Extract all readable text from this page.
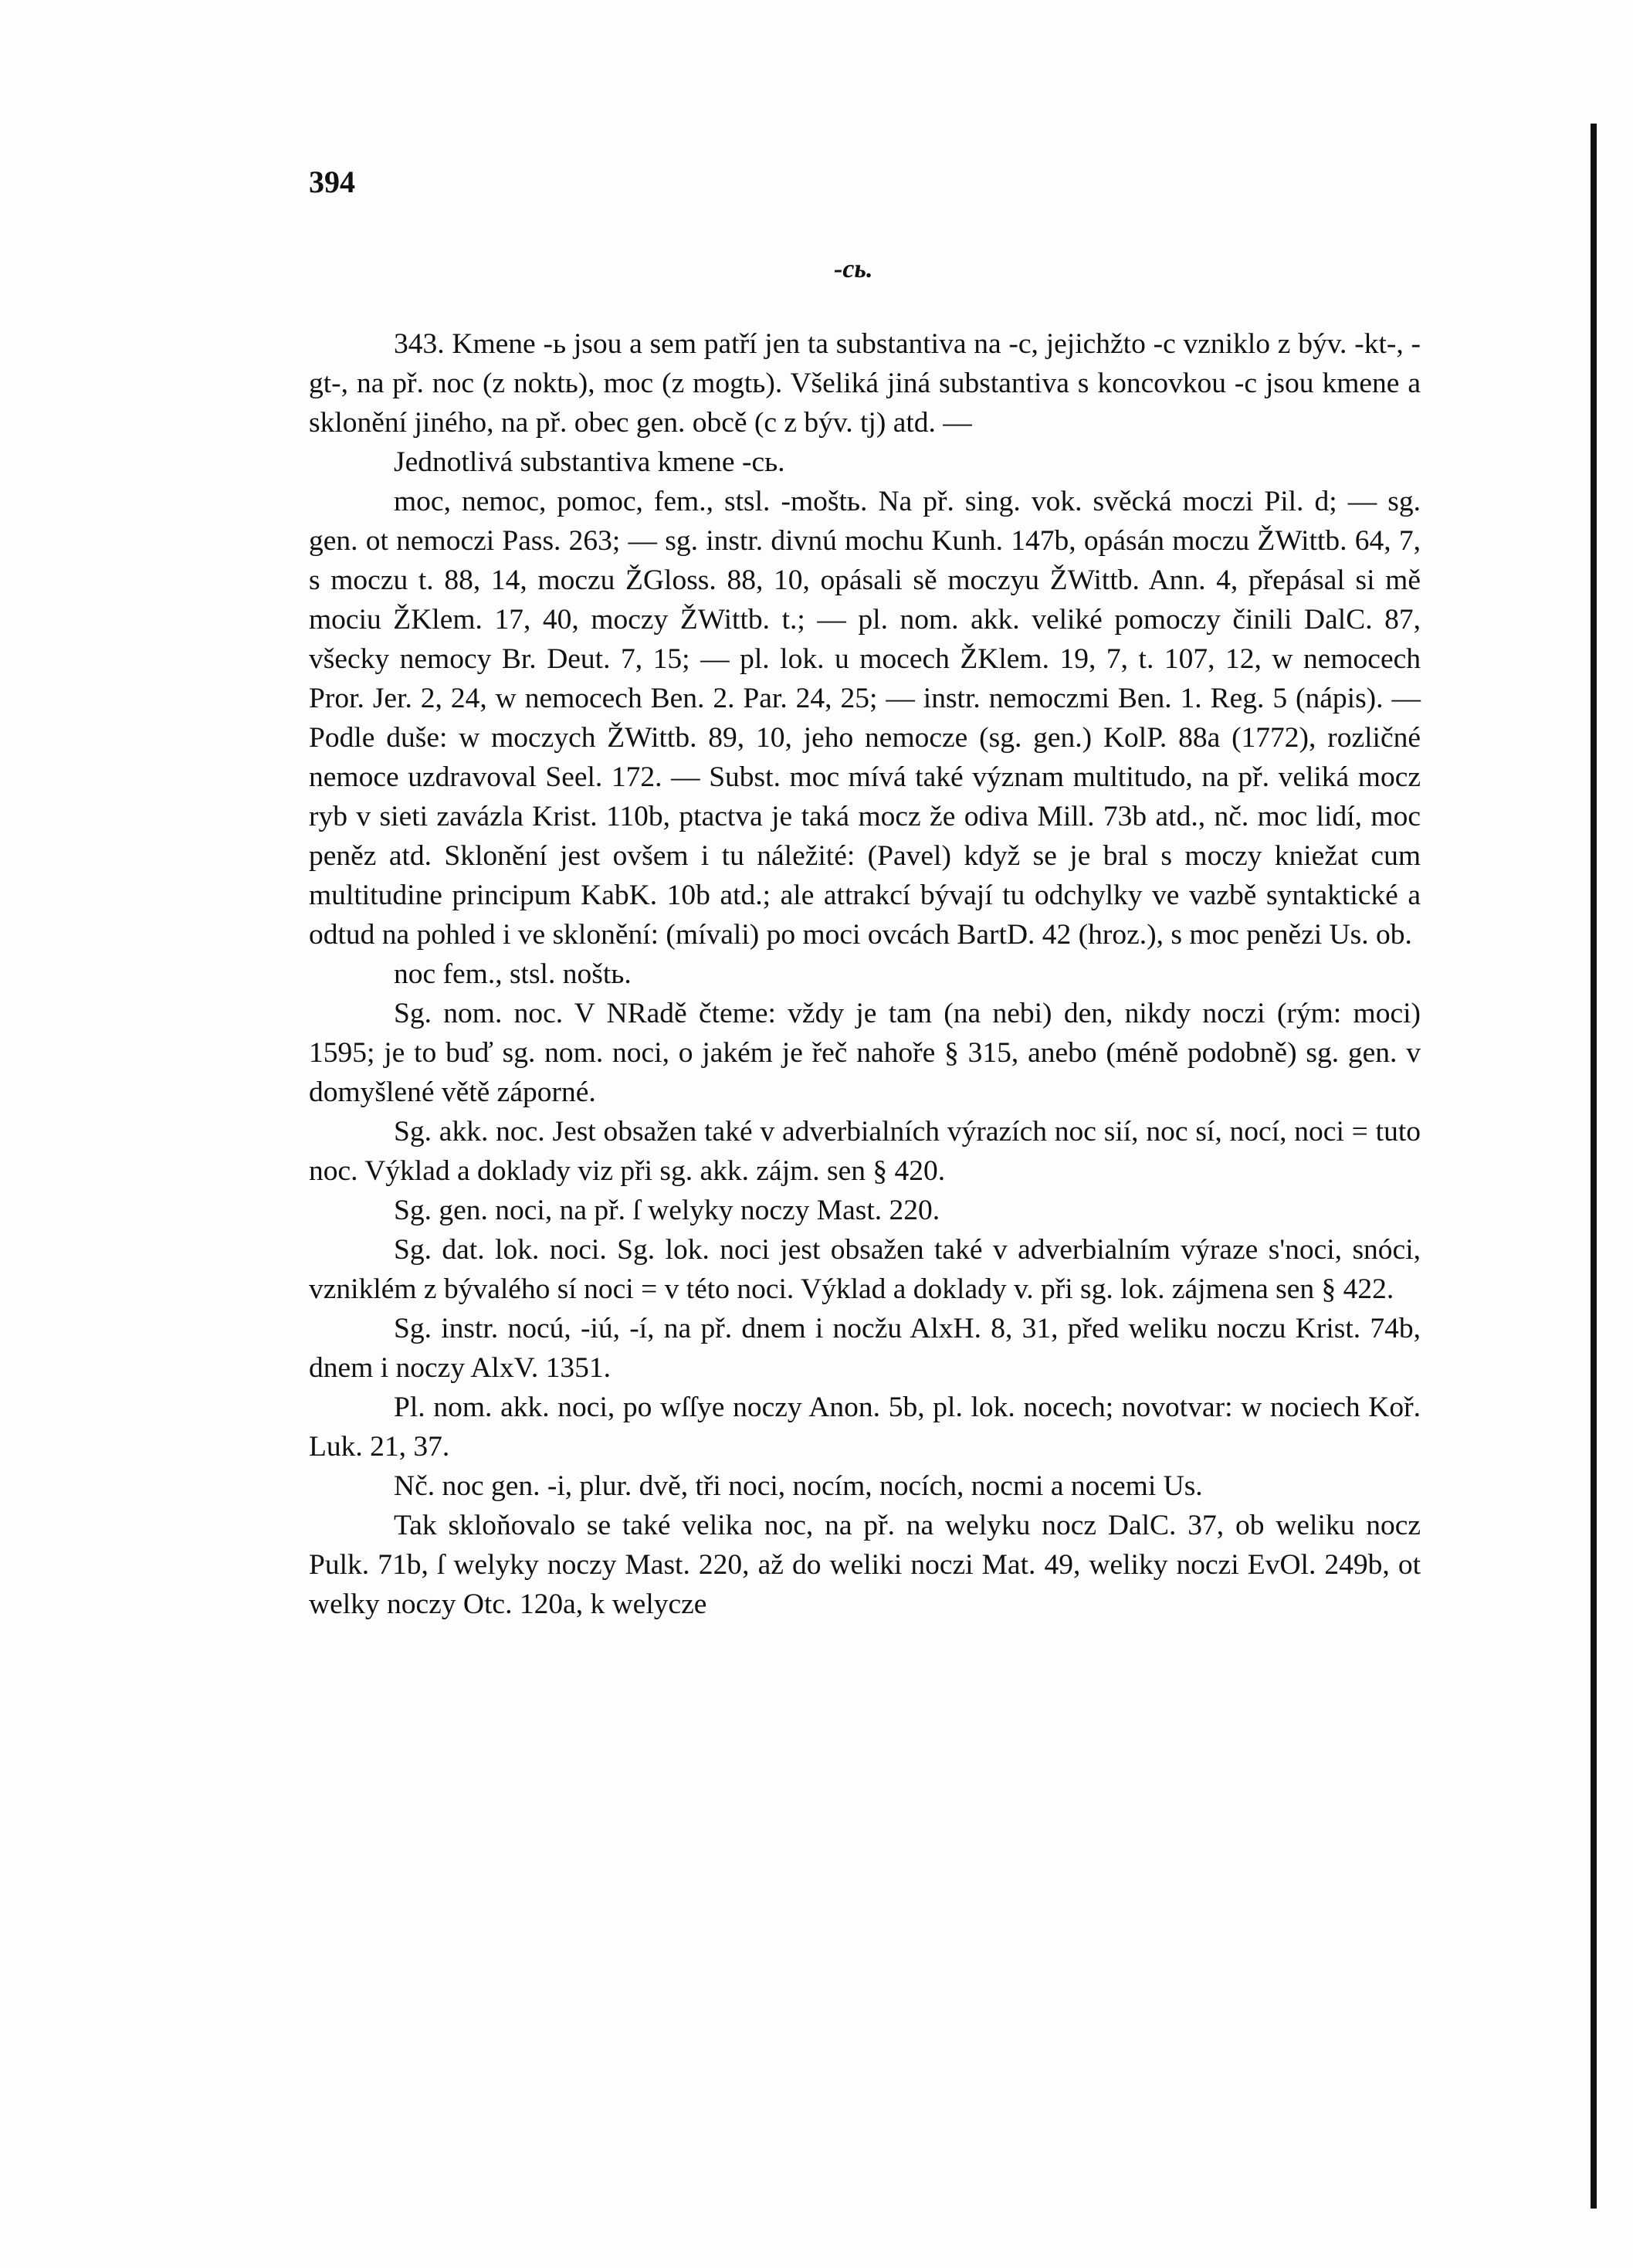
394
-cь.

343. Kmene -ь jsou a sem patří jen ta substantiva na -c, jejichžto -c vzniklo z býv. -kt-, -gt-, na př. noc (z noktь), moc (z mogtь). Všeliká jiná substantiva s koncovkou -c jsou kmene a sklonění jiného, na př. obec gen. obcě (c z býv. tj) atd. —

Jednotlivá substantiva kmene -cь.

moc, nemoc, pomoc, fem., stsl. -moštь. Na př. sing. vok. svěcká moczi Pil. d; — sg. gen. ot nemoczi Pass. 263; — sg. instr. divnú mochu Kunh. 147b, opásán moczu ŽWittb. 64, 7, s moczu t. 88, 14, moczu ŽGloss. 88, 10, opásali sě moczyu ŽWittb. Ann. 4, přepásal si mě mociu ŽKlem. 17, 40, moczy ŽWittb. t.; — pl. nom. akk. veliké pomoczy činili DalC. 87, všecky nemocy Br. Deut. 7, 15; — pl. lok. u mocech ŽKlem. 19, 7, t. 107, 12, w nemocech Pror. Jer. 2, 24, w nemocech Ben. 2. Par. 24, 25; — instr. nemoczmi Ben. 1. Reg. 5 (nápis). — Podle duše: w moczych ŽWittb. 89, 10, jeho nemocze (sg. gen.) KolP. 88a (1772), rozličné nemoce uzdravoval Seel. 172. — Subst. moc mívá také význam multitudo, na př. veliká mocz ryb v sieti zavázla Krist. 110b, ptactva je taká mocz že odiva Mill. 73b atd., nč. moc lidí, moc peněz atd. Sklonění jest ovšem i tu náležité: (Pavel) když se je bral s moczy kniežat cum multitudine principum KabK. 10b atd.; ale attrakcí bývají tu odchylky ve vazbě syntaktické a odtud na pohled i ve sklonění: (mívali) po moci ovcách BartD. 42 (hroz.), s moc penězi Us. ob.

noc fem., stsl. noštь.

Sg. nom. noc. V NRadě čteme: vždy je tam (na nebi) den, nikdy noczi (rým: moci) 1595; je to buď sg. nom. noci, o jakém je řeč nahoře § 315, anebo (méně podobně) sg. gen. v domyšlené větě záporné.

Sg. akk. noc. Jest obsažen také v adverbialních výrazích noc sií, noc sí, nocí, noci = tuto noc. Výklad a doklady viz při sg. akk. zájm. sen § 420.

Sg. gen. noci, na př. ſ welyky noczy Mast. 220.

Sg. dat. lok. noci. Sg. lok. noci jest obsažen také v adverbialním výraze s'noci, snóci, vzniklém z bývalého sí noci = v této noci. Výklad a doklady v. při sg. lok. zájmena sen § 422.

Sg. instr. nocú, -iú, -í, na př. dnem i nocžu AlxH. 8, 31, před weliku noczu Krist. 74b, dnem i noczy AlxV. 1351.

Pl. nom. akk. noci, po wſſye noczy Anon. 5b, pl. lok. nocech; novotvar: w nociech Koř. Luk. 21, 37.

Nč. noc gen. -i, plur. dvě, tři noci, nocím, nocích, nocmi a nocemi Us.

Tak skloňovalo se také velika noc, na př. na welyku nocz DalC. 37, ob weliku nocz Pulk. 71b, ſ welyky noczy Mast. 220, až do weliki noczi Mat. 49, weliky noczi EvOl. 249b, ot welky noczy Otc. 120a, k welycze
